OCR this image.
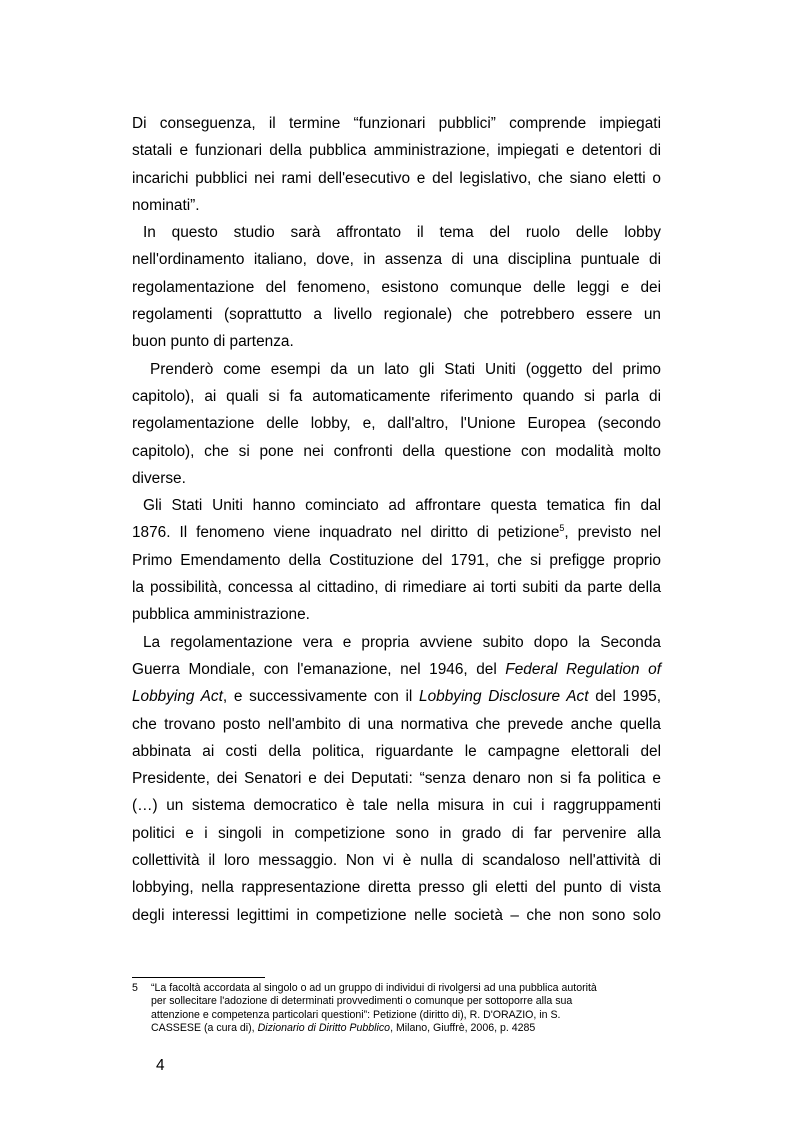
Di conseguenza, il termine “funzionari pubblici” comprende impiegati
statali e funzionari della pubblica amministrazione, impiegati e detentori di
incarichi pubblici nei rami dell'esecutivo e del legislativo, che siano eletti o
nominati”.

In questo studio sarà affrontato il tema del ruolo delle lobby
nell'ordinamento italiano, dove, in assenza di una disciplina puntuale di
regolamentazione del fenomeno, esistono comunque delle leggi e dei
regolamenti (soprattutto a livello regionale) che potrebbero essere un
buon punto di partenza.

Prenderò come esempi da un lato gli Stati Uniti (oggetto del primo
capitolo), ai quali si fa automaticamente riferimento quando si parla di
regolamentazione delle lobby, e, dall'altro, l'Unione Europea (secondo
capitolo), che si pone nei confronti della questione con modalità molto
diverse.

Gli Stati Uniti hanno cominciato ad affrontare questa tematica fin dal
1876. Il fenomeno viene inquadrato nel diritto di petizione$^5$, previsto nel
Primo Emendamento della Costituzione del 1791, che si prefigge proprio
la possibilità, concessa al cittadino, di rimediare ai torti subiti da parte della
pubblica amministrazione.

La regolamentazione vera e propria avviene subito dopo la Seconda
Guerra Mondiale, con l'emanazione, nel 1946, del Federal Regulation of
Lobbying Act, e successivamente con il Lobbying Disclosure Act del 1995,
che trovano posto nell'ambito di una normativa che prevede anche quella
abbinata ai costi della politica, riguardante le campagne elettorali del
Presidente, dei Senatori e dei Deputati: “senza denaro non si fa politica e
(…) un sistema democratico è tale nella misura in cui i raggruppamenti
politici e i singoli in competizione sono in grado di far pervenire alla
collettività il loro messaggio. Non vi è nulla di scandaloso nell'attività di
lobbying, nella rappresentazione diretta presso gli eletti del punto di vista
degli interessi legittimi in competizione nelle società – che non sono solo

5 “La facoltà accordata al singolo o ad un gruppo di individui di rivolgersi ad una pubblica autorità
per sollecitare l'adozione di determinati provvedimenti o comunque per sottoporre alla sua
attenzione e competenza particolari questioni”: Petizione (diritto di), R. D'ORAZIO, in S.
CASSESE (a cura di), Dizionario di Diritto Pubblico, Milano, Giuffrè, 2006, p. 4285
4
